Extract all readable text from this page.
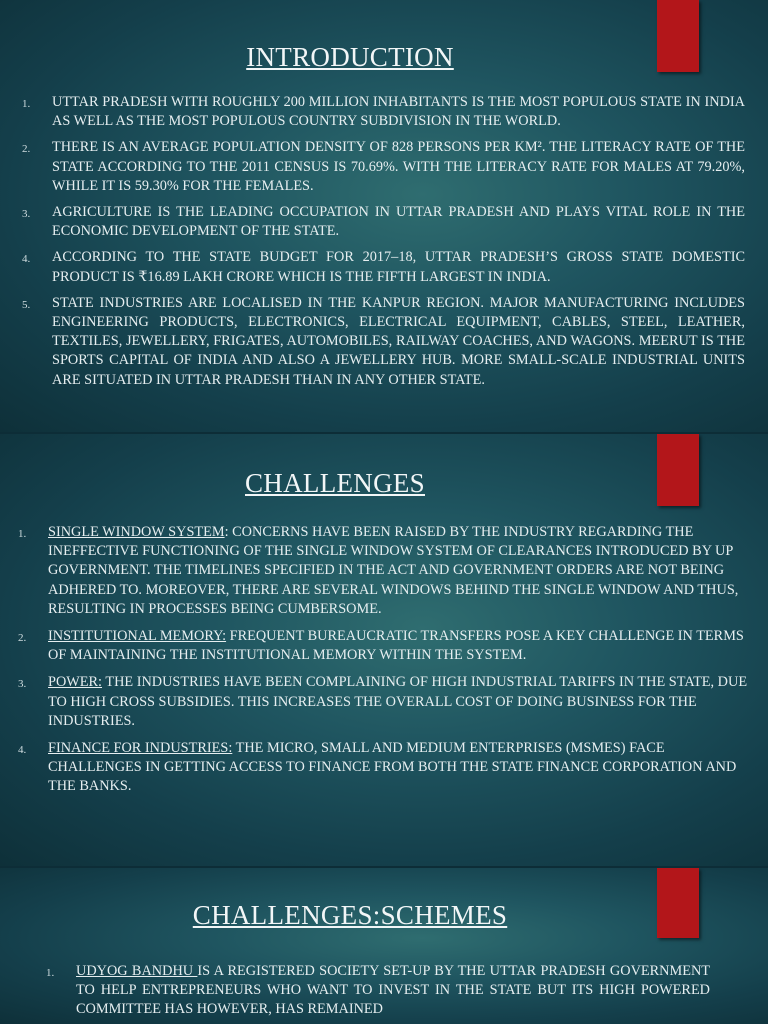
INTRODUCTION
1. UTTAR PRADESH WITH ROUGHLY 200 MILLION INHABITANTS IS THE MOST POPULOUS STATE IN INDIA AS WELL AS THE MOST POPULOUS COUNTRY SUBDIVISION IN THE WORLD.
2. THERE IS AN AVERAGE POPULATION DENSITY OF 828 PERSONS PER KM². THE LITERACY RATE OF THE STATE ACCORDING TO THE 2011 CENSUS IS 70.69%. WITH THE LITERACY RATE FOR MALES AT 79.20%, WHILE IT IS 59.30% FOR THE FEMALES.
3. AGRICULTURE IS THE LEADING OCCUPATION IN UTTAR PRADESH AND PLAYS VITAL ROLE IN THE ECONOMIC DEVELOPMENT OF THE STATE.
4. ACCORDING TO THE STATE BUDGET FOR 2017–18, UTTAR PRADESH’S GROSS STATE DOMESTIC PRODUCT IS ₹16.89 LAKH CRORE WHICH IS THE FIFTH LARGEST IN INDIA.
5. STATE INDUSTRIES ARE LOCALISED IN THE KANPUR REGION. MAJOR MANUFACTURING INCLUDES ENGINEERING PRODUCTS, ELECTRONICS, ELECTRICAL EQUIPMENT, CABLES, STEEL, LEATHER, TEXTILES, JEWELLERY, FRIGATES, AUTOMOBILES, RAILWAY COACHES, AND WAGONS. MEERUT IS THE SPORTS CAPITAL OF INDIA AND ALSO A JEWELLERY HUB. MORE SMALL-SCALE INDUSTRIAL UNITS ARE SITUATED IN UTTAR PRADESH THAN IN ANY OTHER STATE.
CHALLENGES
1. SINGLE WINDOW SYSTEM: CONCERNS HAVE BEEN RAISED BY THE INDUSTRY REGARDING THE INEFFECTIVE FUNCTIONING OF THE SINGLE WINDOW SYSTEM OF CLEARANCES INTRODUCED BY UP GOVERNMENT. THE TIMELINES SPECIFIED IN THE ACT AND GOVERNMENT ORDERS ARE NOT BEING ADHERED TO. MOREOVER, THERE ARE SEVERAL WINDOWS BEHIND THE SINGLE WINDOW AND THUS, RESULTING IN PROCESSES BEING CUMBERSOME.
2. INSTITUTIONAL MEMORY: FREQUENT BUREAUCRATIC TRANSFERS POSE A KEY CHALLENGE IN TERMS OF MAINTAINING THE INSTITUTIONAL MEMORY WITHIN THE SYSTEM.
3. POWER: THE INDUSTRIES HAVE BEEN COMPLAINING OF HIGH INDUSTRIAL TARIFFS IN THE STATE, DUE TO HIGH CROSS SUBSIDIES. THIS INCREASES THE OVERALL COST OF DOING BUSINESS FOR THE INDUSTRIES.
4. FINANCE FOR INDUSTRIES: THE MICRO, SMALL AND MEDIUM ENTERPRISES (MSMES) FACE CHALLENGES IN GETTING ACCESS TO FINANCE FROM BOTH THE STATE FINANCE CORPORATION AND THE BANKS.
CHALLENGES:SCHEMES
1. UDYOG BANDHU IS A REGISTERED SOCIETY SET-UP BY THE UTTAR PRADESH GOVERNMENT TO HELP ENTREPRENEURS WHO WANT TO INVEST IN THE STATE BUT ITS HIGH POWERED COMMITTEE HAS HOWEVER, HAS REMAINED
